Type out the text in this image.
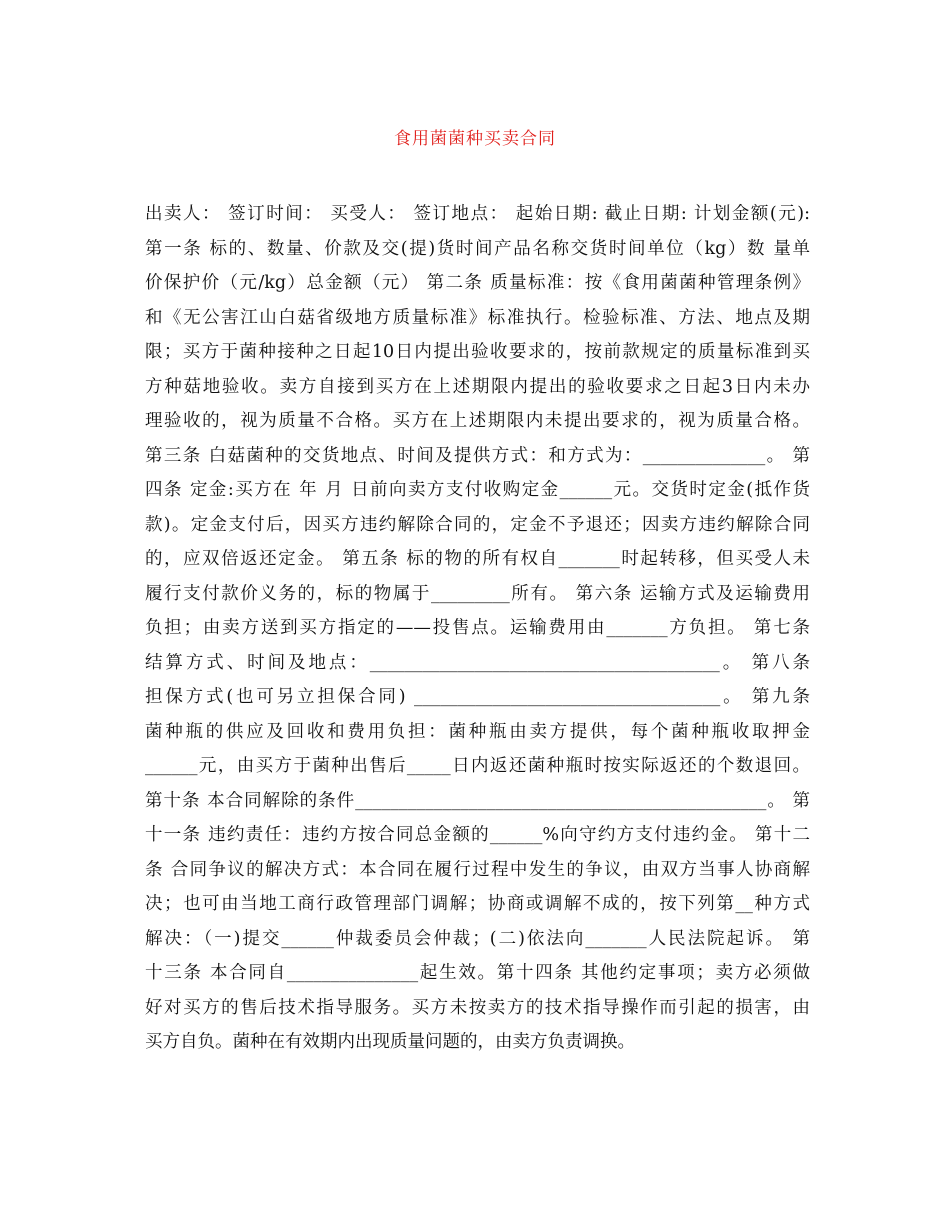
食用菌菌种买卖合同
出卖人： 签订时间： 买受人： 签订地点： 起始日期: 截止日期: 计划金额(元):
第一条 标的、数量、价款及交(提)货时间产品名称交货时间单位（kg）数 量单
价保护价（元/kg）总金额（元） 第二条 质量标准：按《食用菌菌种管理条例》
和《无公害江山白菇省级地方质量标准》标准执行。检验标准、方法、地点及期
限；买方于菌种接种之日起10日内提出验收要求的，按前款规定的质量标准到买
方种菇地验收。卖方自接到买方在上述期限内提出的验收要求之日起3日内未办
理验收的，视为质量不合格。买方在上述期限内未提出要求的，视为质量合格。
第三条 白菇菌种的交货地点、时间及提供方式：和方式为：______________。 第
四条 定金:买方在 年 月 日前向卖方支付收购定金______元。交货时定金(抵作货
款)。定金支付后，因买方违约解除合同的，定金不予退还；因卖方违约解除合同
的，应双倍返还定金。 第五条 标的物的所有权自_______时起转移，但买受人未
履行支付款价义务的，标的物属于_________所有。 第六条 运输方式及运输费用
负担；由卖方送到买方指定的——投售点。运输费用由_______方负担。 第七条
结算方式、时间及地点：________________________________________。 第八条
担保方式(也可另立担保合同) ___________________________________。 第九条
菌种瓶的供应及回收和费用负担：菌种瓶由卖方提供，每个菌种瓶收取押金
______元，由买方于菌种出售后_____日内返还菌种瓶时按实际返还的个数退回。
第十条 本合同解除的条件_______________________________________________。 第
十一条 违约责任：违约方按合同总金额的______%向守约方支付违约金。 第十二
条 合同争议的解决方式：本合同在履行过程中发生的争议，由双方当事人协商解
决；也可由当地工商行政管理部门调解；协商或调解不成的，按下列第__种方式
解决：（一)提交______仲裁委员会仲裁；(二)依法向_______人民法院起诉。 第
十三条 本合同自_______________起生效。第十四条 其他约定事项；卖方必须做
好对买方的售后技术指导服务。买方未按卖方的技术指导操作而引起的损害，由
买方自负。菌种在有效期内出现质量问题的，由卖方负责调换。
